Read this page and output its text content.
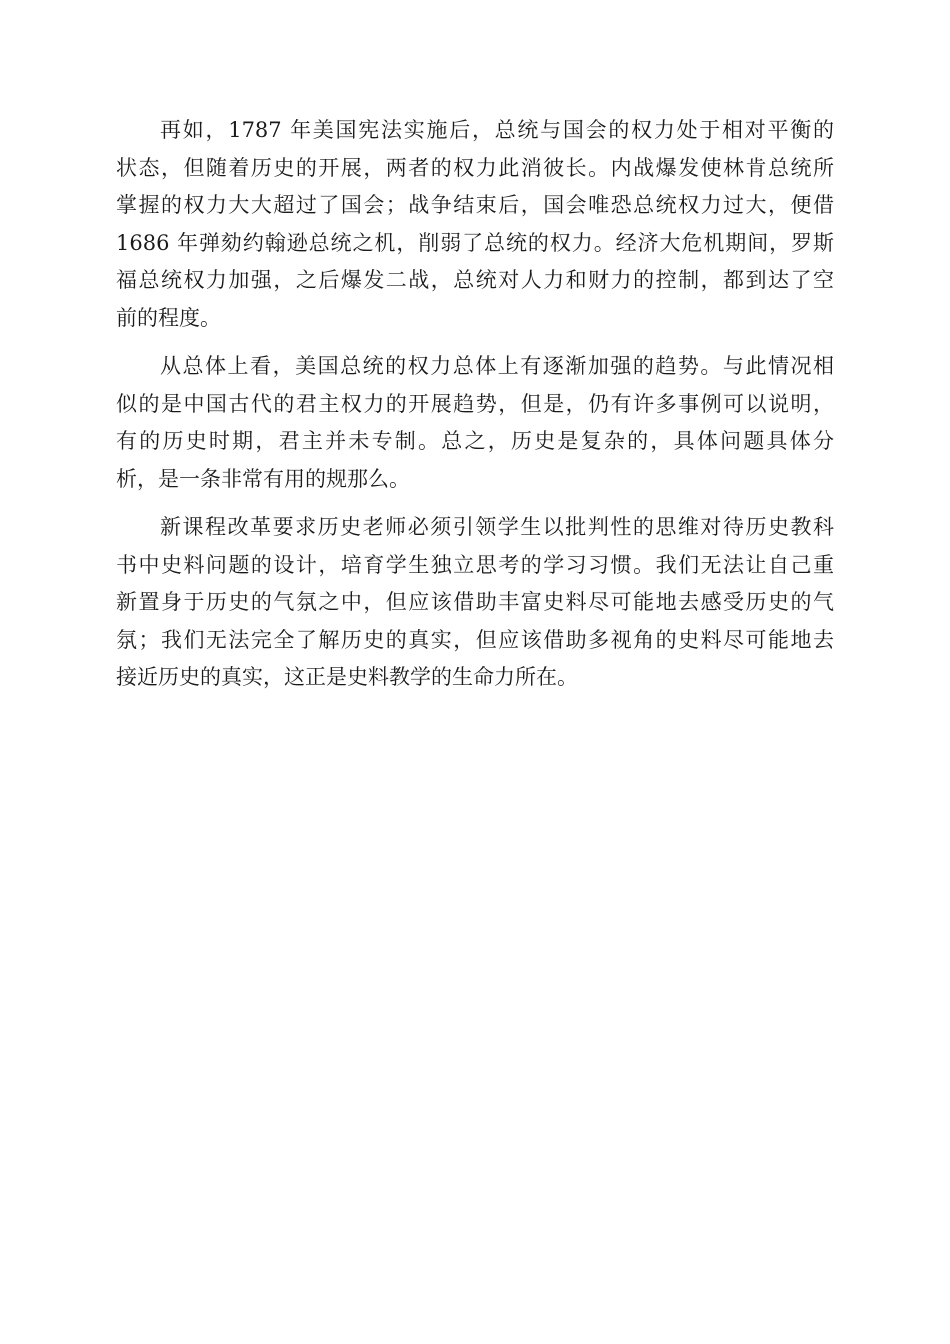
再如，1787 年美国宪法实施后，总统与国会的权力处于相对平衡的
状态，但随着历史的开展，两者的权力此消彼长。内战爆发使林肯总统所
掌握的权力大大超过了国会；战争结束后，国会唯恐总统权力过大，便借
1686 年弹劾约翰逊总统之机，削弱了总统的权力。经济大危机期间，罗斯
福总统权力加强，之后爆发二战，总统对人力和财力的控制，都到达了空
前的程度。

从总体上看，美国总统的权力总体上有逐渐加强的趋势。与此情况相
似的是中国古代的君主权力的开展趋势，但是，仍有许多事例可以说明，
有的历史时期，君主并未专制。总之，历史是复杂的，具体问题具体分
析，是一条非常有用的规那么。

新课程改革要求历史老师必须引领学生以批判性的思维对待历史教科
书中史料问题的设计，培育学生独立思考的学习习惯。我们无法让自己重
新置身于历史的气氛之中，但应该借助丰富史料尽可能地去感受历史的气
氛；我们无法完全了解历史的真实，但应该借助多视角的史料尽可能地去
接近历史的真实，这正是史料教学的生命力所在。
